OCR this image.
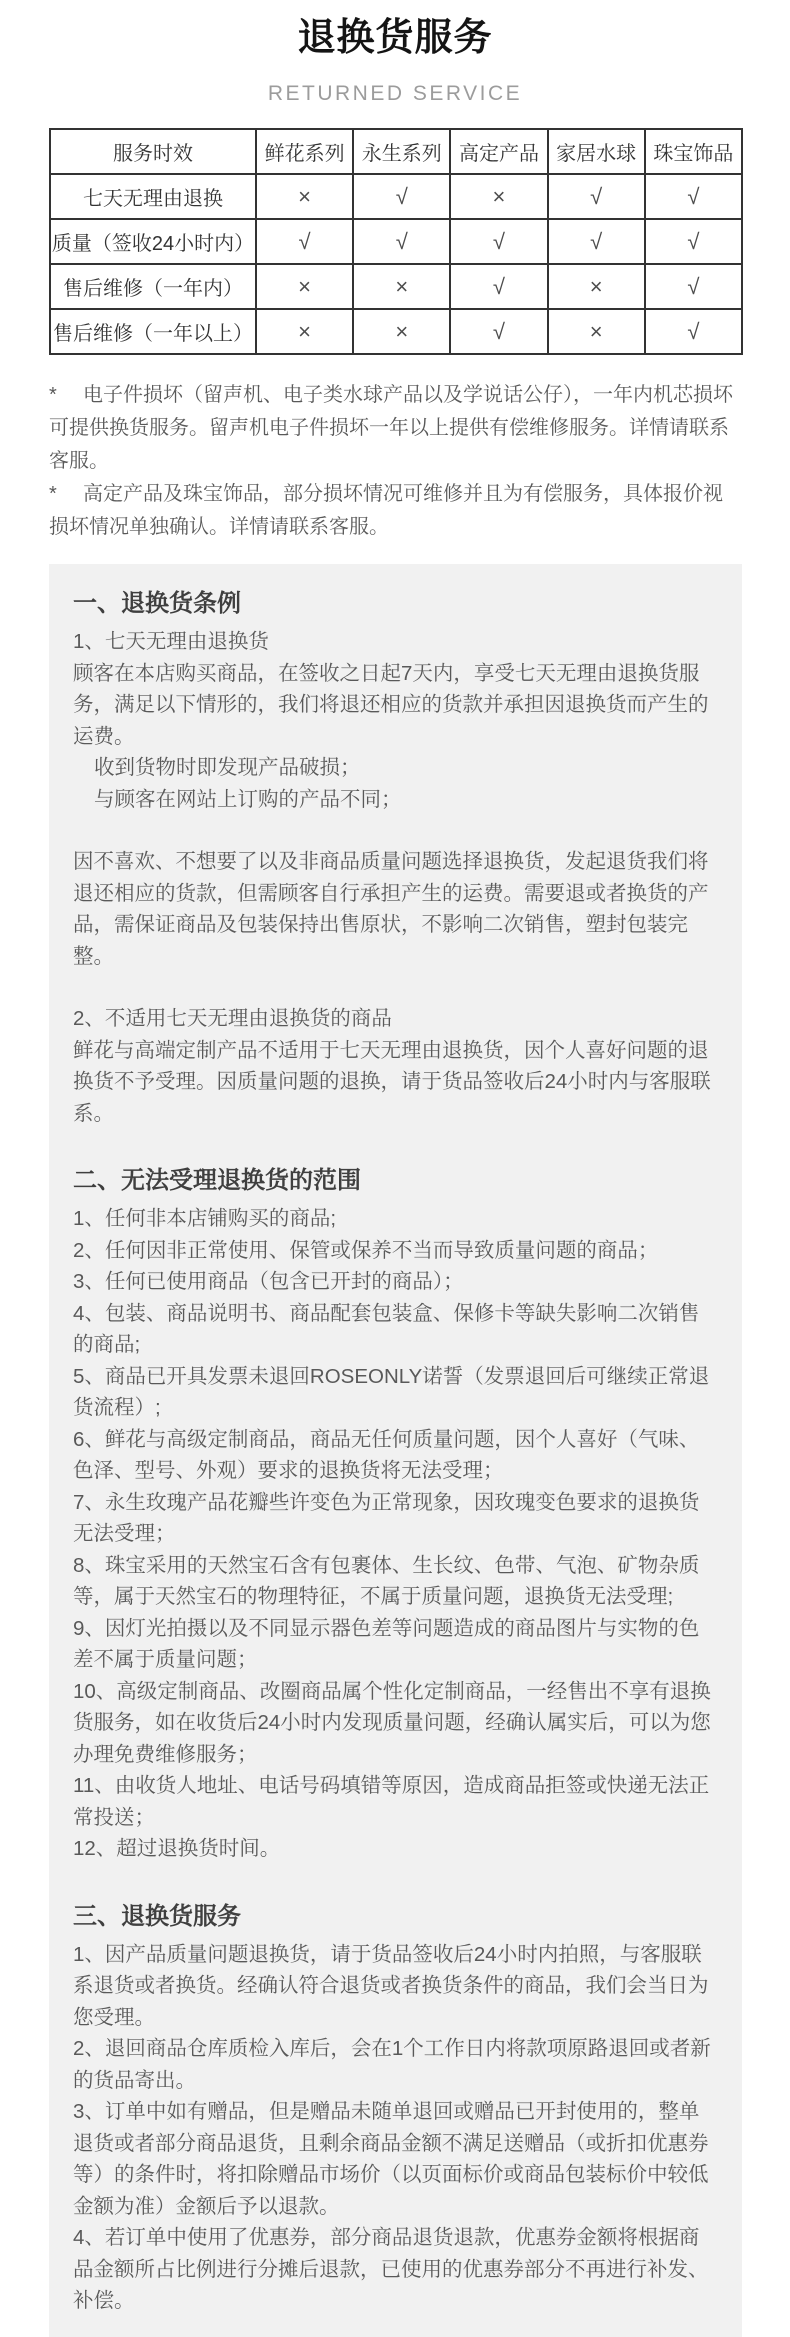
退换货服务
RETURNED SERVICE
服务时效	鲜花系列	永生系列	高定产品	家居水球	珠宝饰品
七天无理由退换	×	√	×	√	√
质量（签收24小时内）	√	√	√	√	√
售后维修（一年内）	×	×	√	×	√
售后维修（一年以上）	×	×	√	×	√

* 电子件损坏（留声机、电子类水球产品以及学说话公仔），一年内机芯损坏可提供换货服务。留声机电子件损坏一年以上提供有偿维修服务。详情请联系客服。

* 高定产品及珠宝饰品，部分损坏情况可维修并且为有偿服务，具体报价视损坏情况单独确认。详情请联系客服。

一、退换货条例

1、七天无理由退换货

顾客在本店购买商品，在签收之日起7天内，享受七天无理由退换货服务，满足以下情形的，我们将退还相应的货款并承担因退换货而产生的运费。

收到货物时即发现产品破损；

与顾客在网站上订购的产品不同；

因不喜欢、不想要了以及非商品质量问题选择退换货，发起退货我们将退还相应的货款，但需顾客自行承担产生的运费。需要退或者换货的产品，需保证商品及包装保持出售原状，不影响二次销售，塑封包装完整。

2、不适用七天无理由退换货的商品

鲜花与高端定制产品不适用于七天无理由退换货，因个人喜好问题的退换货不予受理。因质量问题的退换，请于货品签收后24小时内与客服联系。

二、无法受理退换货的范围

1、任何非本店铺购买的商品;

2、任何因非正常使用、保管或保养不当而导致质量问题的商品；

3、任何已使用商品（包含已开封的商品）；

4、包装、商品说明书、商品配套包装盒、保修卡等缺失影响二次销售的商品;

5、商品已开具发票未退回ROSEONLY诺誓（发票退回后可继续正常退货流程）;

6、鲜花与高级定制商品，商品无任何质量问题，因个人喜好（气味、色泽、型号、外观）要求的退换货将无法受理；

7、永生玫瑰产品花瓣些许变色为正常现象，因玫瑰变色要求的退换货无法受理；

8、珠宝采用的天然宝石含有包裹体、生长纹、色带、气泡、矿物杂质等，属于天然宝石的物理特征，不属于质量问题，退换货无法受理;

9、因灯光拍摄以及不同显示器色差等问题造成的商品图片与实物的色差不属于质量问题；

10、高级定制商品、改圈商品属个性化定制商品，一经售出不享有退换货服务，如在收货后24小时内发现质量问题，经确认属实后，可以为您办理免费维修服务；

11、由收货人地址、电话号码填错等原因，造成商品拒签或快递无法正常投送；

12、超过退换货时间。

三、退换货服务

1、因产品质量问题退换货，请于货品签收后24小时内拍照，与客服联系退货或者换货。经确认符合退货或者换货条件的商品，我们会当日为您受理。

2、退回商品仓库质检入库后，会在1个工作日内将款项原路退回或者新的货品寄出。

3、订单中如有赠品，但是赠品未随单退回或赠品已开封使用的，整单退货或者部分商品退货，且剩余商品金额不满足送赠品（或折扣优惠券等）的条件时，将扣除赠品市场价（以页面标价或商品包装标价中较低金额为准）金额后予以退款。

4、若订单中使用了优惠券，部分商品退货退款，优惠券金额将根据商品金额所占比例进行分摊后退款，已使用的优惠券部分不再进行补发、补偿。
